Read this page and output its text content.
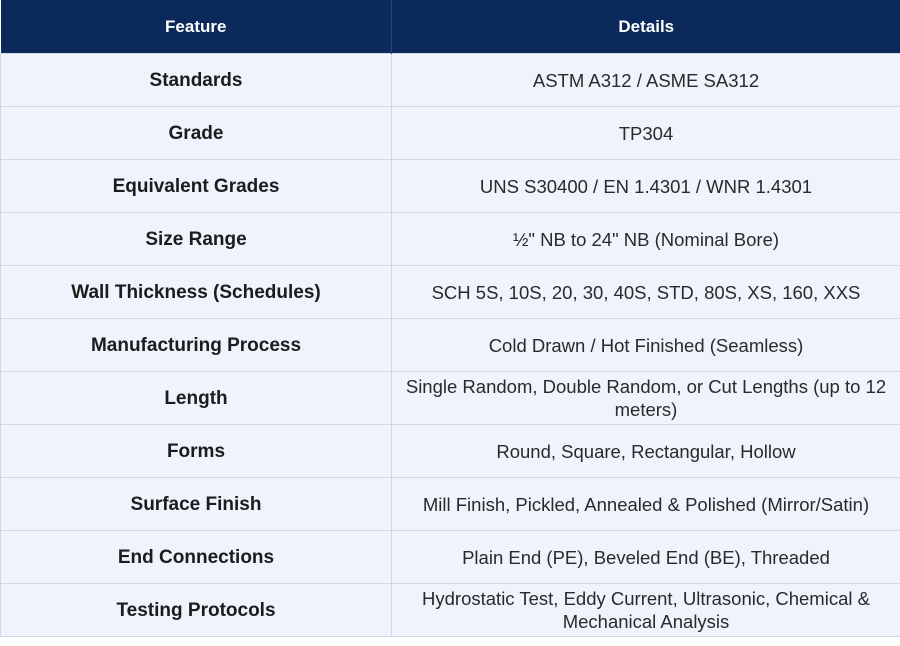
Feature	Details
Standards	ASTM A312 / ASME SA312
Grade	TP304
Equivalent Grades	UNS S30400 / EN 1.4301 / WNR 1.4301
Size Range	½" NB to 24" NB (Nominal Bore)
Wall Thickness (Schedules)	SCH 5S, 10S, 20, 30, 40S, STD, 80S, XS, 160, XXS
Manufacturing Process	Cold Drawn / Hot Finished (Seamless)
Length	Single Random, Double Random, or Cut Lengths (up to 12 meters)
Forms	Round, Square, Rectangular, Hollow
Surface Finish	Mill Finish, Pickled, Annealed & Polished (Mirror/Satin)
End Connections	Plain End (PE), Beveled End (BE), Threaded
Testing Protocols	Hydrostatic Test, Eddy Current, Ultrasonic, Chemical & Mechanical Analysis
